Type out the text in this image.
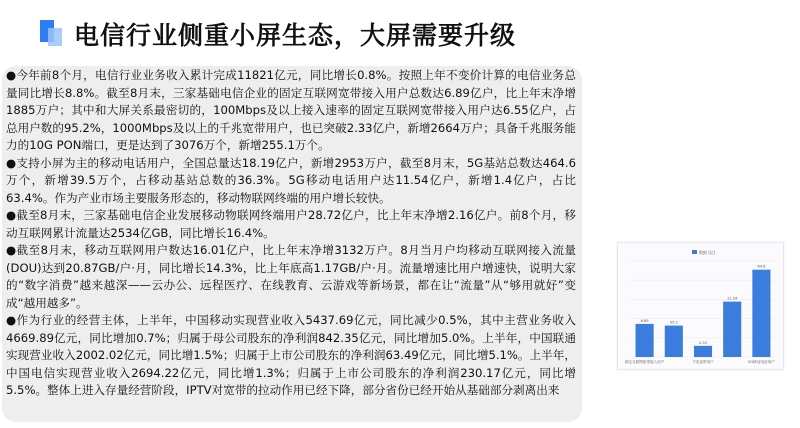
电信行业侧重小屏生态，大屏需要升级

●今年前8个月，电信行业业务收入累计完成11821亿元，同比增长0.8%。按照上年不变价计算的电信业务总量同比增长8.8%。截至8月末，三家基础电信企业的固定互联网宽带接入用户总数达6.89亿户，比上年末净增1885万户；其中和大屏关系最密切的，100Mbps及以上接入速率的固定互联网宽带接入用户达6.55亿户，占总用户数的95.2%，1000Mbps及以上的千兆宽带用户，也已突破2.33亿户，新增2664万户；具备千兆服务能力的10G PON端口，更是达到了3076万个，新增255.1万个。

●支持小屏为主的移动电话用户，全国总量达18.19亿户，新增2953万户，截至8月末，5G基站总数达464.6万个，新增39.5万个，占移动基站总数的36.3%。5G移动电话用户达11.54亿户，新增1.4亿户，占比63.4%。作为产业市场主要服务形态的，移动物联网终端的用户增长较快。

●截至8月末，三家基础电信企业发展移动物联网终端用户28.72亿户，比上年末净增2.16亿户。前8个月，移动互联网累计流量达2534亿GB，同比增长16.4%。

●截至8月末，移动互联网用户数达16.01亿户，比上年末净增3132万户。8月当月户均移动互联网接入流量(DOU)达到20.87GB/户·月，同比增长14.3%，比上年底高1.17GB/户·月。流量增速比用户增速快，说明大家的“数字消费”越来越深——云办公、远程医疗、在线教育、云游戏等新场景，都在让“流量”从“够用就好”变成“越用越多”。

●作为行业的经营主体，上半年，中国移动实现营业收入5437.69亿元，同比减少0.5%，其中主营业务收入4669.89亿元，同比增加0.7%；归属于母公司股东的净利润842.35亿元，同比增加5.0%。上半年，中国联通实现营业收入2002.02亿元，同比增1.5%；归属于上市公司股东的净利润63.49亿元，同比增5.1%。上半年，中国电信实现营业收入2694.22亿元，同比增1.3%；归属于上市公司股东的净利润230.17亿元，同比增5.5%。整体上进入存量经营阶段，IPTV对宽带的拉动作用已经下降，部分省份已经开始从基础部分剥离出来

数据 (亿)
6.89
固定互联网宽带接入用户
95.2
2.33
千兆宽带用户
11.54
64.6
5G移动电话用户
